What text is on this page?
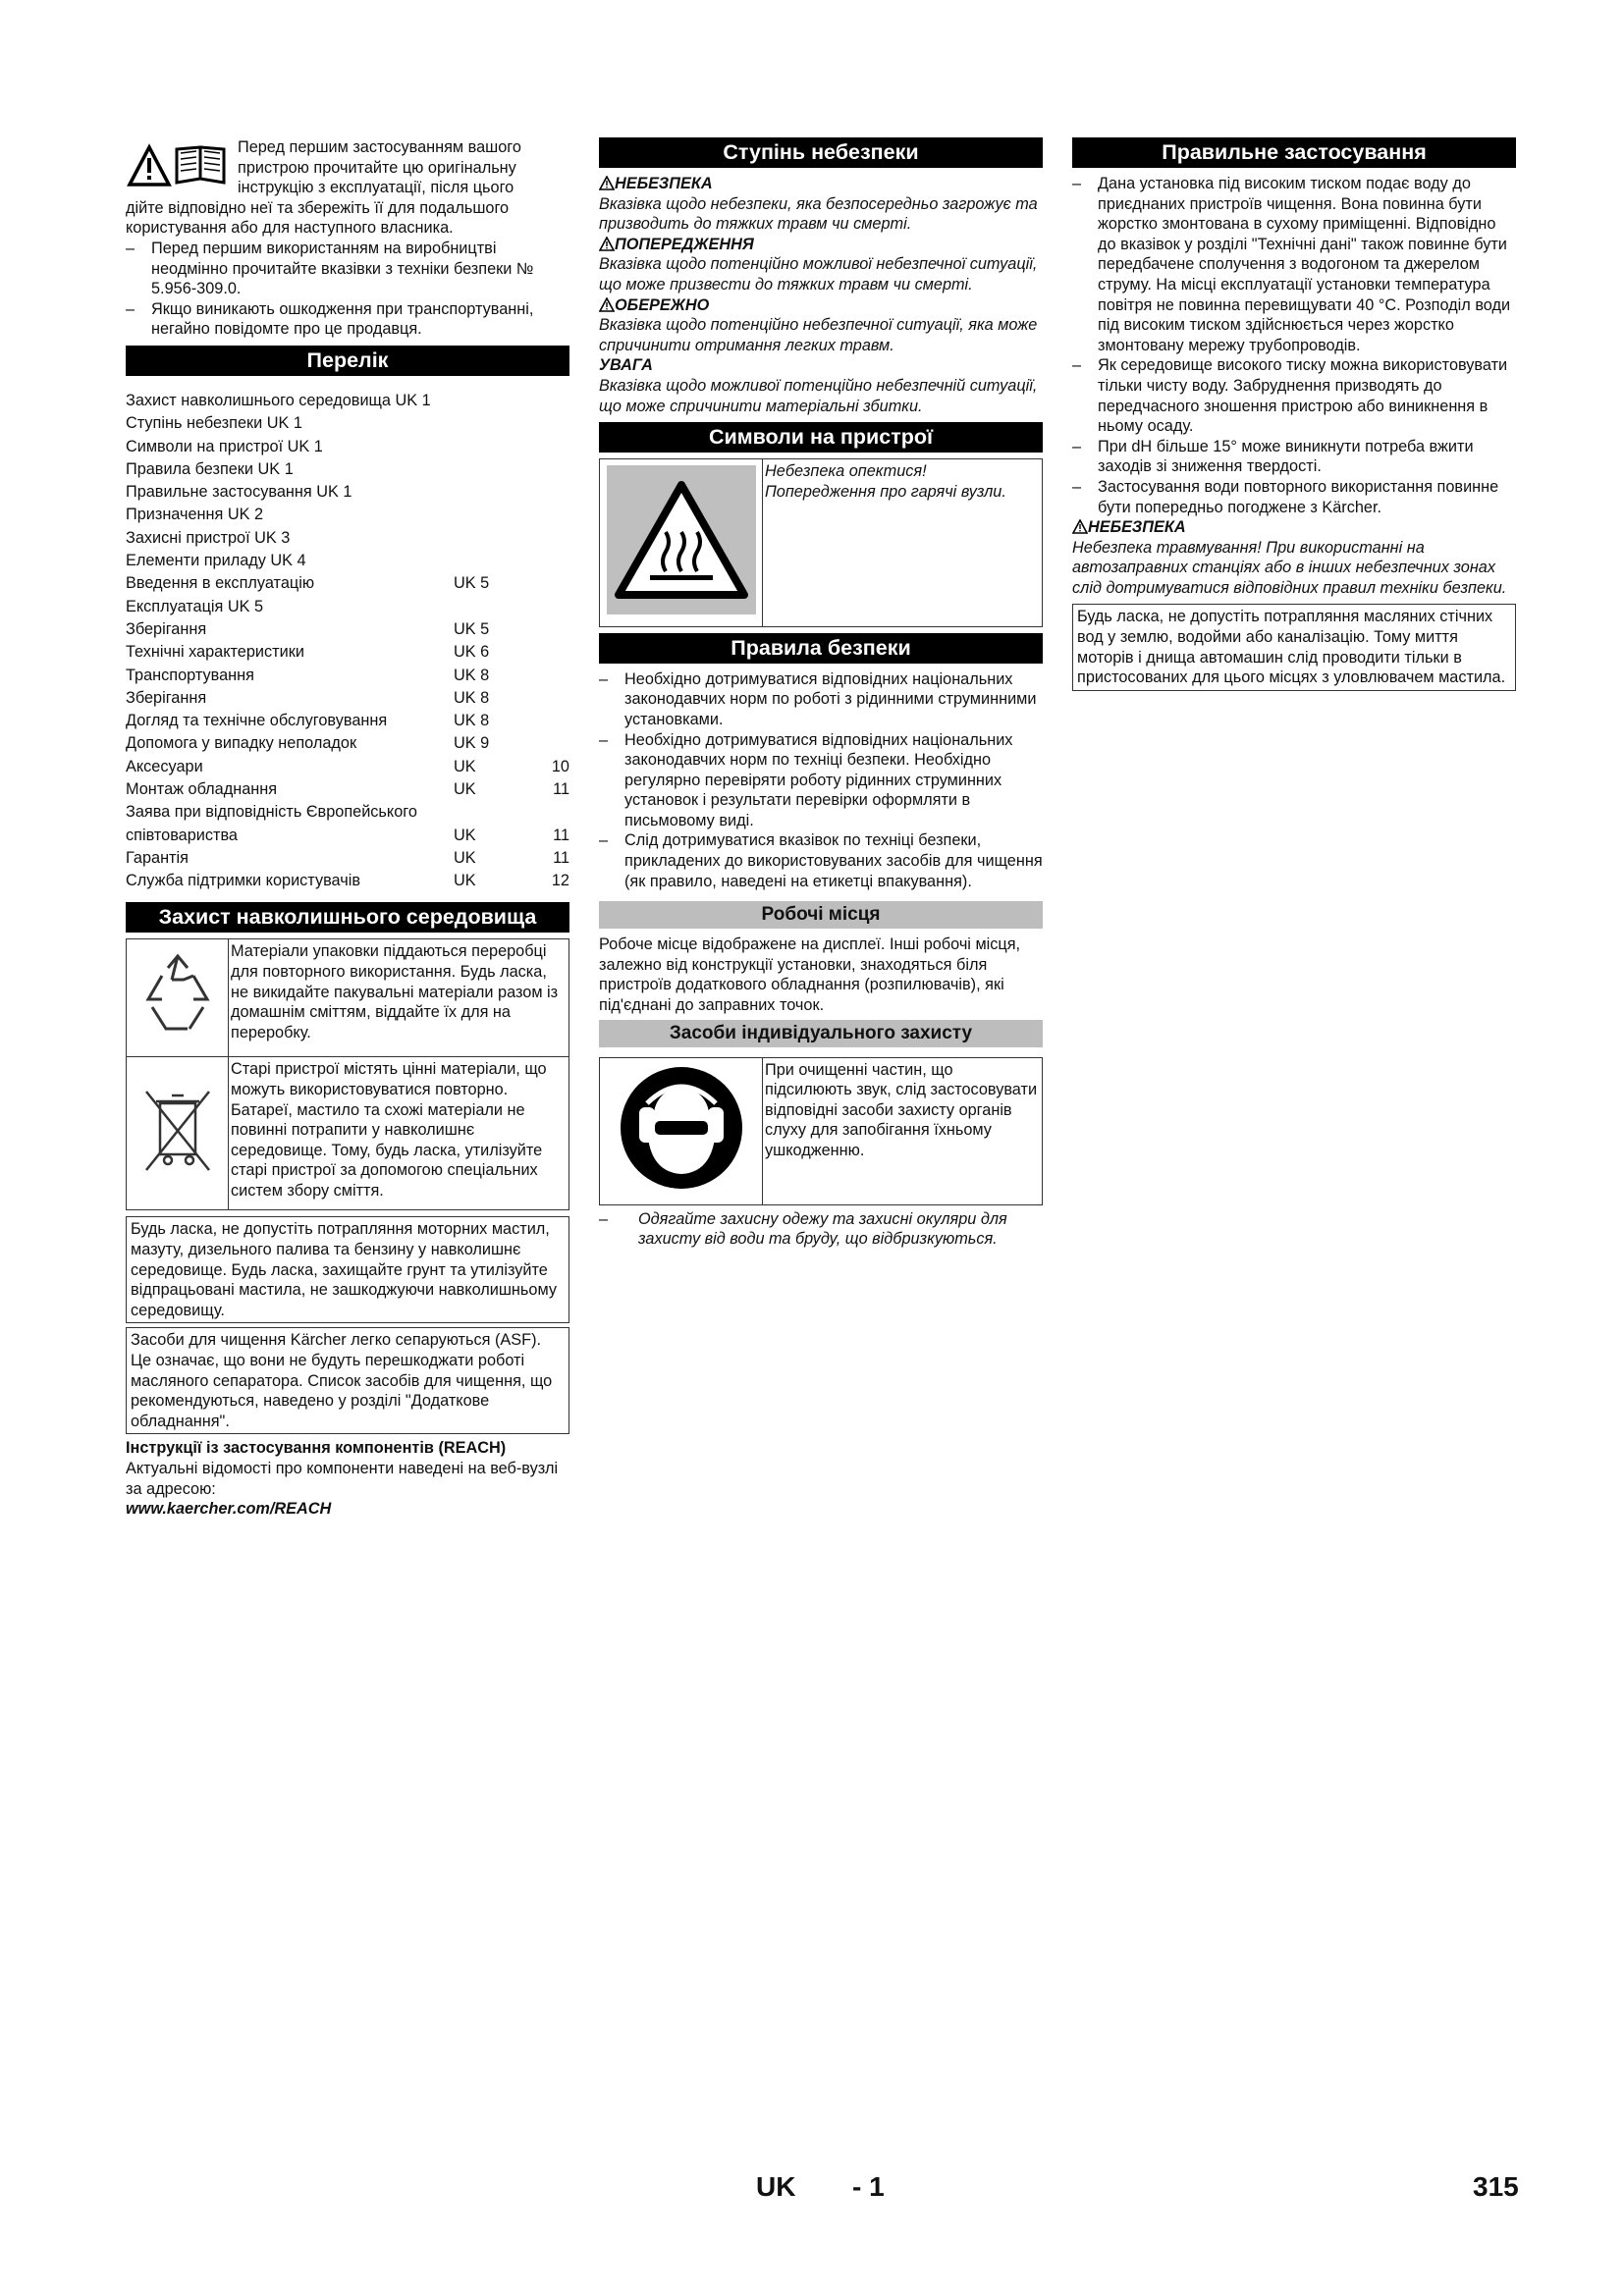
Перед першим застосуванням вашого
пристрою прочитайте цю оригінальну
інструкцію з експлуатації, після цього
дійте відповідно неї та збережіть її для подальшого користування або для наступного власника.
– Перед першим використанням на виробництві неодмінно прочитайте вказівки з техніки безпеки № 5.956-309.0.
– Якщо виникають ошкодження при транспортуванні, негайно повідомте про це продавця.
Перелік
Захист навколишнього середовища UK 1
Ступінь небезпеки UK 1
Символи на пристрої UK 1
Правила безпеки UK 1
Правильне застосування UK 1
Призначення UK 2
Захисні пристрої UK 3
Елементи приладу UK 4
Введення в експлуатацію	UK 5
Експлуатація UK 5
Зберігання	UK 5
Технічні характеристики	UK 6
Транспортування	UK 8
Зберігання	UK 8
Догляд та технічне обслуговування	UK 8
Допомога у випадку неполадок	UK 9
Аксесуари	UK	10
Монтаж обладнання	UK	11
Заява при відповідність Європейського
співтовариства	UK	11
Гарантія	UK	11
Служба підтримки користувачів	UK	12
Захист навколишнього середовища
	Матеріали упаковки піддаються переробці для повторного використання. Будь ласка, не викидайте пакувальні матеріали разом із домашнім сміттям, віддайте їх для на переробку.
	Старі пристрої містять цінні матеріали, що можуть використовуватися повторно. Батареї, мастило та схожі матеріали не повинні потрапити у навколишнє середовище. Тому, будь ласка, утилізуйте старі пристрої за допомогою спеціальних систем збору сміття.
Будь ласка, не допустіть потрапляння моторних мастил, мазуту, дизельного палива та бензину у навколишнє середовище. Будь ласка, захищайте грунт та утилізуйте відпрацьовані мастила, не зашкоджуючи навколишньому середовищу.
Засоби для чищення Kärcher легко сепаруються (ASF). Це означає, що вони не будуть перешкоджати роботі масляного сепаратора. Список засобів для чищення, що рекомендуються, наведено у розділі "Додаткове обладнання".
Інструкції із застосування компонентів (REACH)
Актуальні відомості про компоненти наведені на веб-вузлі за адресою:
www.kaercher.com/REACH
Ступінь небезпеки
НЕБЕЗПЕКА
Вказівка щодо небезпеки, яка безпосередньо загрожує та призводить до тяжких травм чи смерті.
ПОПЕРЕДЖЕННЯ
Вказівка щодо потенційно можливої небезпечної ситуації, що може призвести до тяжких травм чи смерті.
ОБЕРЕЖНО
Вказівка щодо потенційно небезпечної ситуації, яка може спричинити отримання легких травм.
УВАГА
Вказівка щодо можливої потенційно небезпечній ситуації, що може спричинити матеріальні збитки.
Символи на пристрої
	Небезпека опектися! Попередження про гарячі вузли.
Правила безпеки
– Необхідно дотримуватися відповідних національних законодавчих норм по роботі з рідинними струминними установками.
– Необхідно дотримуватися відповідних національних законодавчих норм по техніці безпеки. Необхідно регулярно перевіряти роботу рідинних струминних установок і результати перевірки оформляти в письмовому виді.
– Слід дотримуватися вказівок по техніці безпеки, прикладених до використовуваних засобів для чищення (як правило, наведені на етикетці впакування).
Робочі місця
Робоче місце відображене на дисплеї. Інші робочі місця, залежно від конструкції установки, знаходяться біля пристроїв додаткового обладнання (розпилювачів), які під'єднані до заправних точок.
Засоби індивідуального захисту
	При очищенні частин, що підсилюють звук, слід застосовувати відповідні засоби захисту органів слуху для запобігання їхньому ушкодженню.
– Одягайте захисну одежу та захисні окуляри для захисту від води та бруду, що відбризкуються.
Правильне застосування
– Дана установка під високим тиском подає воду до приєднаних пристроїв чищення. Вона повинна бути жорстко змонтована в сухому приміщенні. Відповідно до вказівок у розділі "Технічні дані" також повинне бути передбачене сполучення з водогоном та джерелом струму. На місці експлуатації установки температура повітря не повинна перевищувати 40 °C. Розподіл води під високим тиском здійснюється через жорстко змонтовану мережу трубопроводів.
– Як середовище високого тиску можна використовувати тільки чисту воду. Забруднення призводять до передчасного зношення пристрою або виникнення в ньому осаду.
– При dH більше 15° може виникнути потреба вжити заходів зі зниження твердості.
– Застосування води повторного використання повинне бути попередньо погоджене з Kärcher.
НЕБЕЗПЕКА
Небезпека травмування! При використанні на автозаправних станціях або в інших небезпечних зонах слід дотримуватися відповідних правил техніки безпеки.
Будь ласка, не допустіть потрапляння масляних стічних вод у землю, водойми або каналізацію. Тому миття моторів і днища автомашин слід проводити тільки в пристосованих для цього місцях з уловлювачем мастила.
UK - 1	315
